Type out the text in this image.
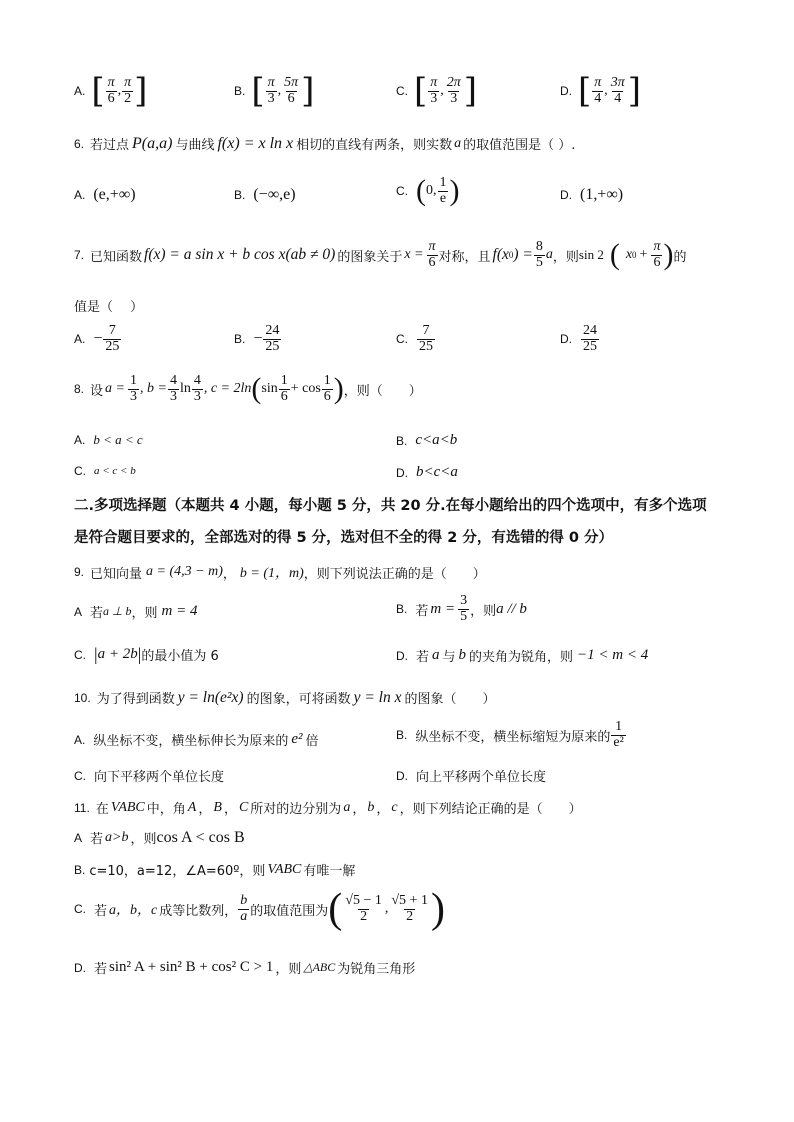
A. [ $\frac{\pi}{6}$ , $\frac{\pi}{2}$ ]	B. [ $\frac{\pi}{3}$ , $\frac{5\pi}{6}$ ]	C. [ $\frac{\pi}{3}$ , $\frac{2\pi}{3}$ ]	D. [ $\frac{\pi}{4}$ , $\frac{3\pi}{4}$ ]
6. 若过点 P(a,a) 与曲线 f(x) = x ln x 相切的直线有两条，则实数 a 的取值范围是（ ）.
A. (e,+∞)	B. (−∞,e)	C. ( 0, $\frac{1}{e}$ )	D. (1,+∞)
7. 已知函数 f(x) = a sin x + b cos x(ab ≠ 0) 的图象关于 $x = \frac{\pi}{6}$ 对称，且 f(x 0 ) = $\frac{8}{5}$ a ，则 sin 2 ( x $0 + \frac{\pi}{6}$ ) 的
值是（　 ）
A. − $\frac{7}{25}$	B. − $\frac{24}{25}$	C. $\frac{7}{25}$	D. $\frac{24}{25}$
8. 设 $a = \frac{1}{3}$ , $b = \frac{4}{3}$ $\ln \frac{4}{3}$ , c = 2ln ( $\sin \frac{1}{6} + \cos \frac{1}{6}$ ) ，则（　　）
A. b < a < c	B. c<a<b
C. a < c < b	D. b<c<a
二.多项选择题（本题共 4 小题，每小题 5 分，共 20 分.在每小题给出的四个选项中，有多个选项
是符合题目要求的，全部选对的得 5 分，选对但不全的得 2 分，有选错的得 0 分）
9. 已知向量 a = (4,3 − m) ， b = (1，m) ，则下列说法正确的是（　　）
A 若 a ⊥ b ，则 m = 4	B. 若 $m = \frac{3}{5}$ ，则 a // b
C. | a + 2b | 的最小值为 6	D. 若 a 与 b 的夹角为锐角，则 −1 < m < 4
10. 为了得到函数 y = ln(e²x) 的图象，可将函数 y = ln x 的图象（　　）
A. 纵坐标不变，横坐标伸长为原来的 e² 倍	B. 纵坐标不变，横坐标缩短为原来的 $\frac{1}{\text{e²}}$
C. 向下平移两个单位长度	D. 向上平移两个单位长度
11. 在 VABC 中，角 A ， B ， C 所对的边分别为 a ， b ， c ，则下列结论正确的是（　　）
A 若 a>b ，则 cos A < cos B
B. c=10，a=12，∠A=60º，则 VABC 有唯一解
C. 若 a，b，c 成等比数列， $\frac{b}{a}$ 的取值范围为 ( $\frac{√5 - 1}{2}$ , $\frac{√5 + 1}{2}$ )
D. 若 sin² A + sin² B + cos² C > 1 ，则 △ABC 为锐角三角形
